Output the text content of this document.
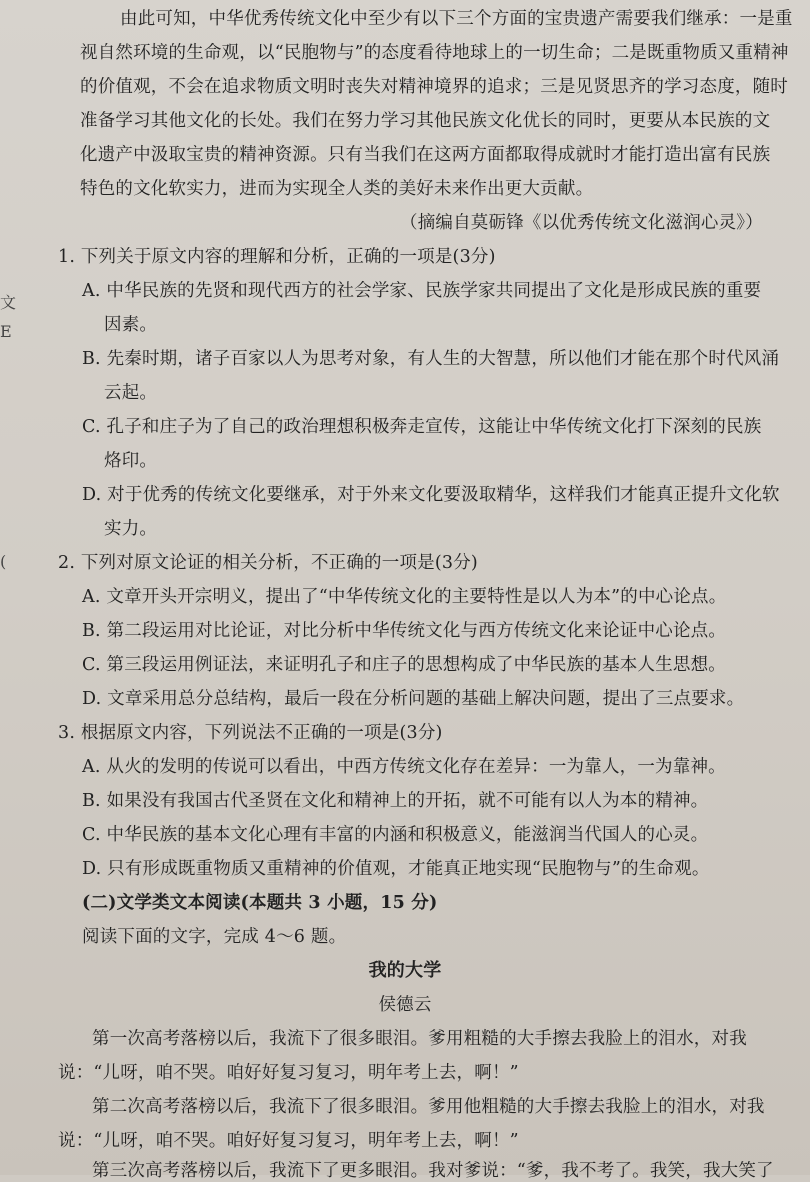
由此可知，中华优秀传统文化中至少有以下三个方面的宝贵遗产需要我们继承：一是重
视自然环境的生命观，以“民胞物与”的态度看待地球上的一切生命；二是既重物质又重精神
的价值观，不会在追求物质文明时丧失对精神境界的追求；三是见贤思齐的学习态度，随时
准备学习其他文化的长处。我们在努力学习其他民族文化优长的同时，更要从本民族的文
化遗产中汲取宝贵的精神资源。只有当我们在这两方面都取得成就时才能打造出富有民族
特色的文化软实力，进而为实现全人类的美好未来作出更大贡献。
（摘编自莫砺锋《以优秀传统文化滋润心灵》）
1. 下列关于原文内容的理解和分析，正确的一项是(3分)
A. 中华民族的先贤和现代西方的社会学家、民族学家共同提出了文化是形成民族的重要
因素。
B. 先秦时期，诸子百家以人为思考对象，有人生的大智慧，所以他们才能在那个时代风涌
云起。
C. 孔子和庄子为了自己的政治理想积极奔走宣传，这能让中华传统文化打下深刻的民族
烙印。
D. 对于优秀的传统文化要继承，对于外来文化要汲取精华，这样我们才能真正提升文化软
实力。
2. 下列对原文论证的相关分析，不正确的一项是(3分)
A. 文章开头开宗明义，提出了“中华传统文化的主要特性是以人为本”的中心论点。
B. 第二段运用对比论证，对比分析中华传统文化与西方传统文化来论证中心论点。
C. 第三段运用例证法，来证明孔子和庄子的思想构成了中华民族的基本人生思想。
D. 文章采用总分总结构，最后一段在分析问题的基础上解决问题，提出了三点要求。
3. 根据原文内容，下列说法不正确的一项是(3分)
A. 从火的发明的传说可以看出，中西方传统文化存在差异：一为靠人，一为靠神。
B. 如果没有我国古代圣贤在文化和精神上的开拓，就不可能有以人为本的精神。
C. 中华民族的基本文化心理有丰富的内涵和积极意义，能滋润当代国人的心灵。
D. 只有形成既重物质又重精神的价值观，才能真正地实现“民胞物与”的生命观。
(二)文学类文本阅读(本题共 3 小题，15 分)
阅读下面的文字，完成 4～6 题。
我的大学
侯德云
第一次高考落榜以后，我流下了很多眼泪。爹用粗糙的大手擦去我脸上的泪水，对我
说：“儿呀，咱不哭。咱好好复习复习，明年考上去，啊！”
第二次高考落榜以后，我流下了很多眼泪。爹用他粗糙的大手擦去我脸上的泪水，对我
说：“儿呀，咱不哭。咱好好复习复习，明年考上去，啊！”
第三次高考落榜以后，我流下了更多眼泪。我对爹说：“爹，我不考了。我笑，我大笑了
文
E
(
